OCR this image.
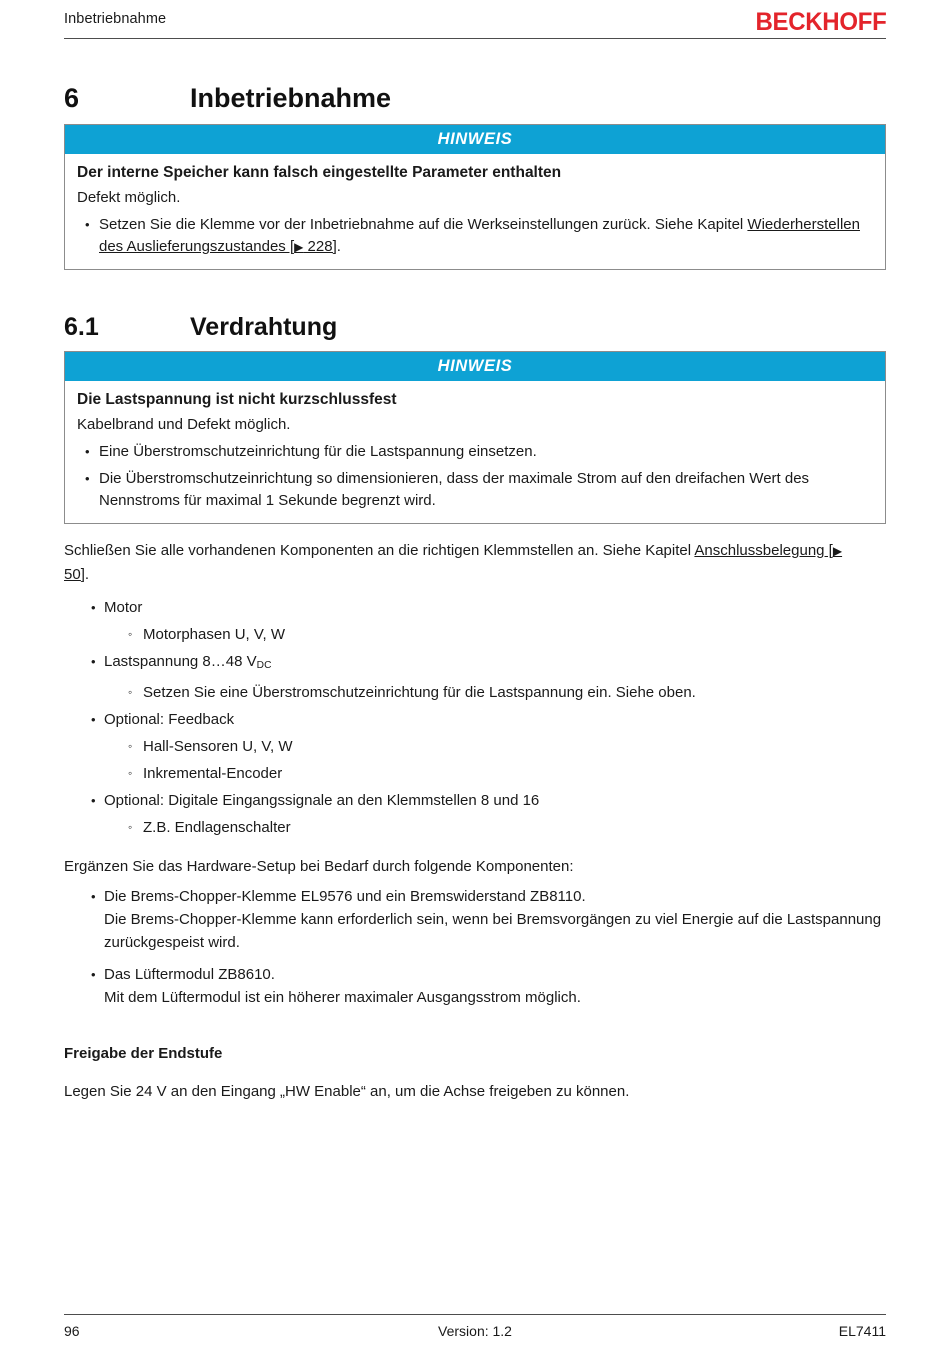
Inbetriebnahme	BECKHOFF
6	Inbetriebnahme
HINWEIS
Der interne Speicher kann falsch eingestellte Parameter enthalten
Defekt möglich.
• Setzen Sie die Klemme vor der Inbetriebnahme auf die Werkseinstellungen zurück. Siehe Kapitel Wiederherstellen des Auslieferungszustandes [▶ 228].
6.1	Verdrahtung
HINWEIS
Die Lastspannung ist nicht kurzschlussfest
Kabelbrand und Defekt möglich.
• Eine Überstromschutzeinrichtung für die Lastspannung einsetzen.
• Die Überstromschutzeinrichtung so dimensionieren, dass der maximale Strom auf den dreifachen Wert des Nennstroms für maximal 1 Sekunde begrenzt wird.

Schließen Sie alle vorhandenen Komponenten an die richtigen Klemmstellen an. Siehe Kapitel Anschlussbelegung [▶ 50].

• Motor
◦ Motorphasen U, V, W
• Lastspannung 8…48 $V_{DC}$
◦ Setzen Sie eine Überstromschutzeinrichtung für die Lastspannung ein. Siehe oben.
• Optional: Feedback
◦ Hall-Sensoren U, V, W
◦ Inkremental-Encoder
• Optional: Digitale Eingangssignale an den Klemmstellen 8 und 16
◦ Z.B. Endlagenschalter

Ergänzen Sie das Hardware-Setup bei Bedarf durch folgende Komponenten:

• Die Brems-Chopper-Klemme EL9576 und ein Bremswiderstand ZB8110.
Die Brems-Chopper-Klemme kann erforderlich sein, wenn bei Bremsvorgängen zu viel Energie auf die Lastspannung zurückgespeist wird.
• Das Lüftermodul ZB8610.
Mit dem Lüftermodul ist ein höherer maximaler Ausgangsstrom möglich.
Freigabe der Endstufe

Legen Sie 24 V an den Eingang „HW Enable“ an, um die Achse freigeben zu können.

96	Version: 1.2	EL7411
